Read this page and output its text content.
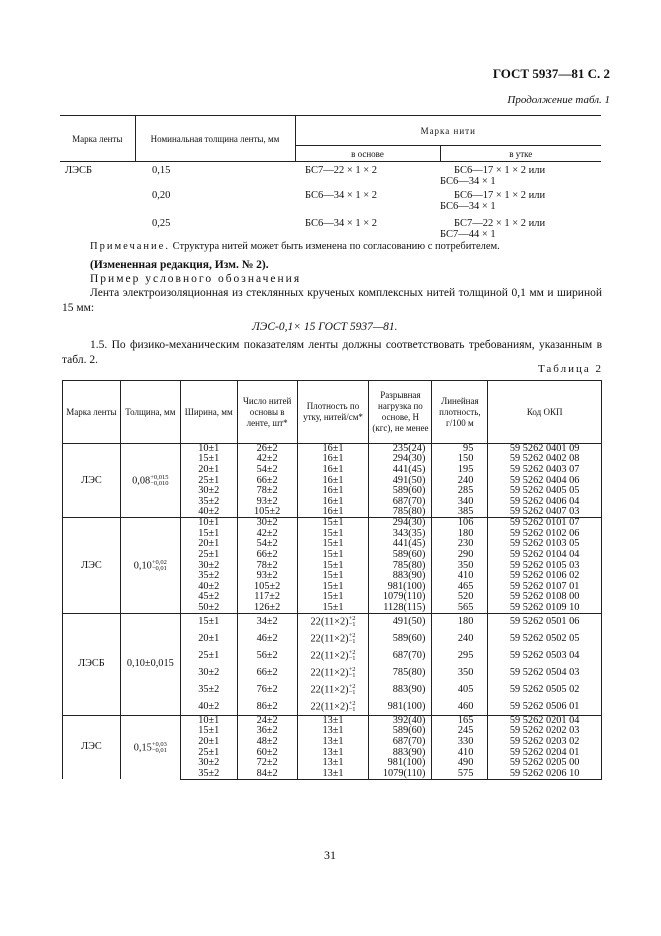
ГОСТ 5937—81 С. 2
Продолжение табл. 1
Марка ленты	Номинальная толщина ленты, мм	Марка нити	
		в основе	в утке
ЛЭСБ	0,15	БС7—22 × 1 × 2	БС6—17 × 1 × 2 или
БС6—34 × 1

	0,20	БС6—34 × 1 × 2	БС6—17 × 1 × 2 или
БС6—34 × 1

	0,25	БС6—34 × 1 × 2	БС7—22 × 1 × 2 или
БС7—44 × 1
Примечание. Структура нитей может быть изменена по согласованию с потребителем.
(Измененная редакция, Изм. № 2).
Пример условного обозначения
Лента электроизоляционная из стеклянных крученых комплексных нитей толщиной 0,1 мм и шириной 15 мм:
ЛЭС-0,1× 15 ГОСТ 5937—81.
1.5. По физико-механическим показателям ленты должны соответствовать требованиям, указанным в табл. 2.
Таблица 2
Марка ленты	Толщина, мм	Ширина, мм	Число нитей основы в ленте, шт*	Плотность по утку, нитей/см*	Разрывная нагрузка по основе, Н (кгс), не менее	Линейная плотность, г/100 м	Код ОКП
ЛЭС	0,08 +0,015
−0,010	10±1	26±2	16±1	235(24)	95	59 5262 0401 09
		15±1	42±2	16±1	294(30)	150	59 5262 0402 08
		20±1	54±2	16±1	441(45)	195	59 5262 0403 07
		25±1	66±2	16±1	491(50)	240	59 5262 0404 06
		30±2	78±2	16±1	589(60)	285	59 5262 0405 05
		35±2	93±2	16±1	687(70)	340	59 5262 0406 04
		40±2	105±2	16±1	785(80)	385	59 5262 0407 03
ЛЭС	0,10 +0,02
−0,01	10±1	30±2	15±1	294(30)	106	59 5262 0101 07
		15±1	42±2	15±1	343(35)	180	59 5262 0102 06
		20±1	54±2	15±1	441(45)	230	59 5262 0103 05
		25±1	66±2	15±1	589(60)	290	59 5262 0104 04
		30±2	78±2	15±1	785(80)	350	59 5262 0105 03
		35±2	93±2	15±1	883(90)	410	59 5262 0106 02
		40±2	105±2	15±1	981(100)	465	59 5262 0107 01
		45±2	117±2	15±1	1079(110)	520	59 5262 0108 00
		50±2	126±2	15±1	1128(115)	565	59 5262 0109 10
ЛЭСБ	0,10±0,015	15±1	34±2	22(11×2) +2
−1	491(50)	180	59 5262 0501 06
		20±1	46±2	22(11×2) +2
−1	589(60)	240	59 5262 0502 05
		25±1	56±2	22(11×2) +2
−1	687(70)	295	59 5262 0503 04
		30±2	66±2	22(11×2) +2
−1	785(80)	350	59 5262 0504 03
		35±2	76±2	22(11×2) +2
−1	883(90)	405	59 5262 0505 02
		40±2	86±2	22(11×2) +2
−1	981(100)	460	59 5262 0506 01
ЛЭС	0,15 +0,03
−0,01	10±1	24±2	13±1	392(40)	165	59 5262 0201 04
		15±1	36±2	13±1	589(60)	245	59 5262 0202 03
		20±1	48±2	13±1	687(70)	330	59 5262 0203 02
		25±1	60±2	13±1	883(90)	410	59 5262 0204 01
		30±2	72±2	13±1	981(100)	490	59 5262 0205 00
		35±2	84±2	13±1	1079(110)	575	59 5262 0206 10
31
